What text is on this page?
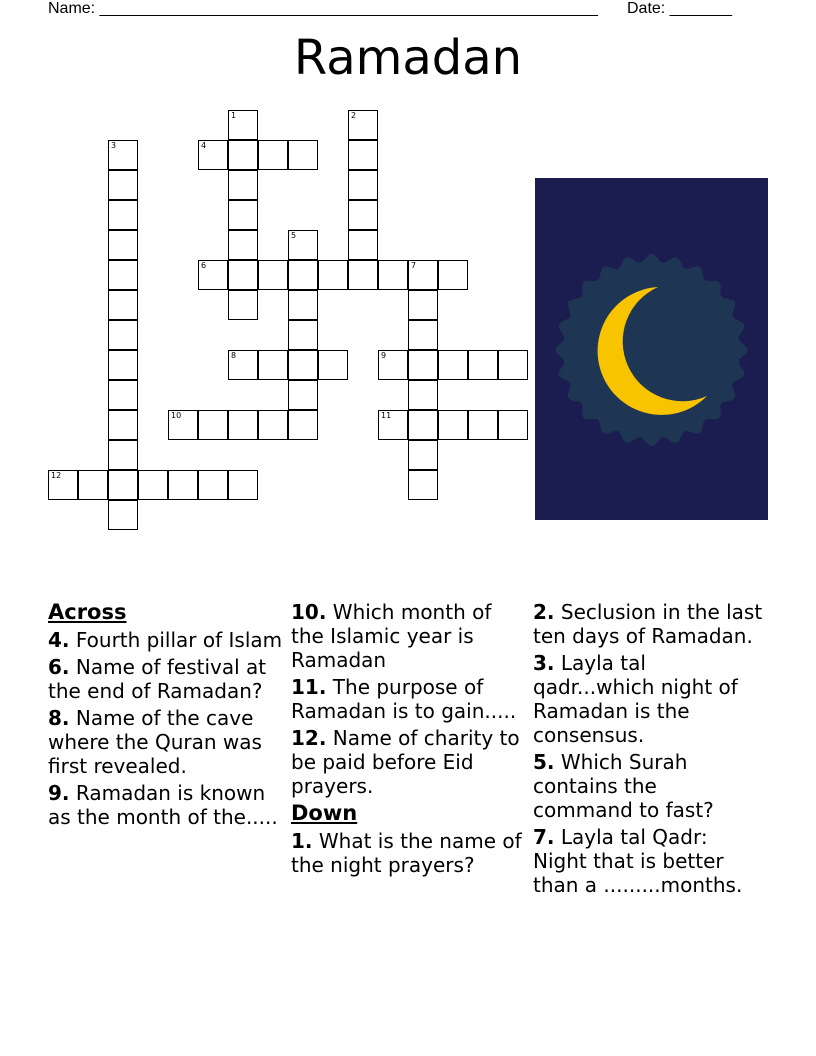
Name: ________________________________________________________ Date: _______
Ramadan
1	2
3	4
5
6	7
8	9
10	11
12
Across

4. Fourth pillar of Islam

6. Name of festival at the end of Ramadan?

8. Name of the cave where the Quran was first revealed.

9. Ramadan is known as the month of the.....

10. Which month of the Islamic year is Ramadan

11. The purpose of Ramadan is to gain.....

12. Name of charity to be paid before Eid prayers.

Down

1. What is the name of the night prayers?

2. Seclusion in the last ten days of Ramadan.

3. Layla tal qadr...which night of Ramadan is the consensus.

5. Which Surah contains the command to fast?

7. Layla tal Qadr: Night that is better than a .........months.
